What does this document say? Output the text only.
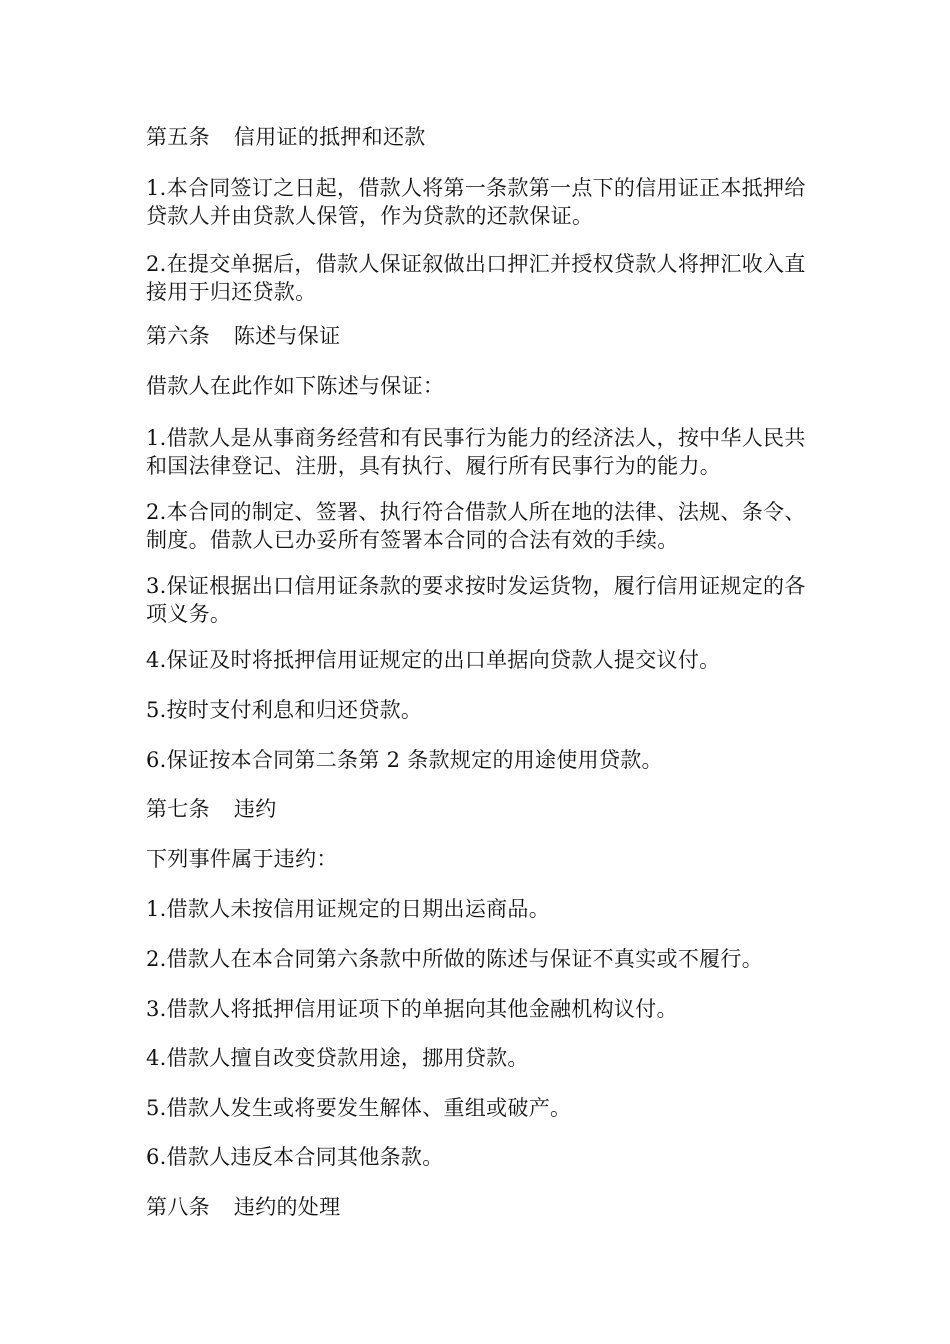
第五条 信用证的抵押和还款

1.本合同签订之日起，借款人将第一条款第一点下的信用证正本抵押给贷款人并由贷款人保管，作为贷款的还款保证。

2.在提交单据后，借款人保证叙做出口押汇并授权贷款人将押汇收入直接用于归还贷款。

第六条 陈述与保证

借款人在此作如下陈述与保证：

1.借款人是从事商务经营和有民事行为能力的经济法人，按中华人民共和国法律登记、注册，具有执行、履行所有民事行为的能力。

2.本合同的制定、签署、执行符合借款人所在地的法律、法规、条令、制度。借款人已办妥所有签署本合同的合法有效的手续。

3.保证根据出口信用证条款的要求按时发运货物，履行信用证规定的各项义务。

4.保证及时将抵押信用证规定的出口单据向贷款人提交议付。

5.按时支付利息和归还贷款。

6.保证按本合同第二条第 2 条款规定的用途使用贷款。

第七条 违约

下列事件属于违约：

1.借款人未按信用证规定的日期出运商品。

2.借款人在本合同第六条款中所做的陈述与保证不真实或不履行。

3.借款人将抵押信用证项下的单据向其他金融机构议付。

4.借款人擅自改变贷款用途，挪用贷款。

5.借款人发生或将要发生解体、重组或破产。

6.借款人违反本合同其他条款。

第八条 违约的处理
